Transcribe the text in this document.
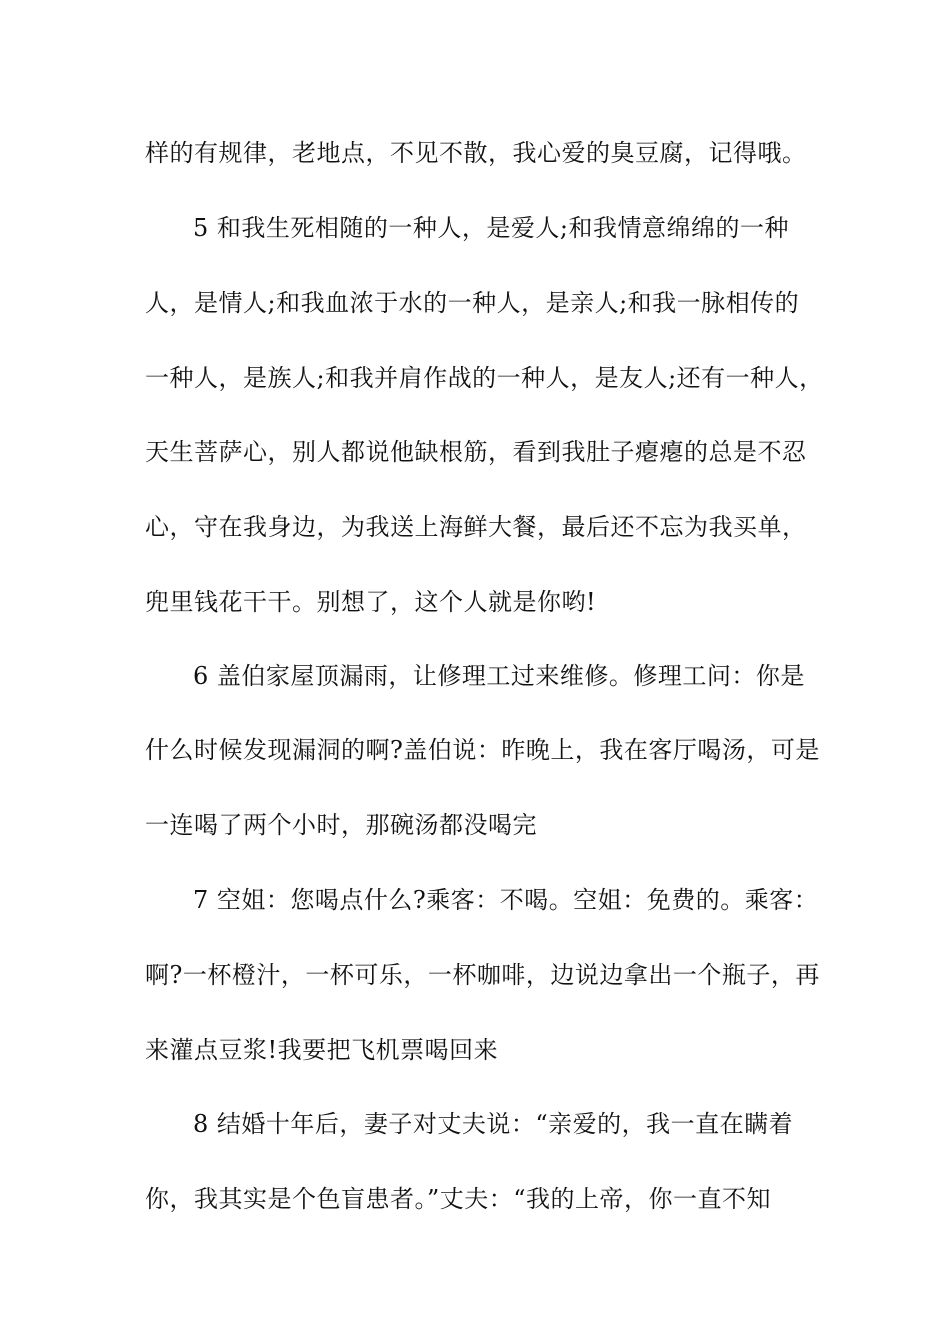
样的有规律，老地点，不见不散，我心爱的臭豆腐，记得哦。
5 和我生死相随的一种人，是爱人;和我情意绵绵的一种
人，是情人;和我血浓于水的一种人，是亲人;和我一脉相传的
一种人，是族人;和我并肩作战的一种人，是友人;还有一种人，
天生菩萨心，别人都说他缺根筋，看到我肚子瘪瘪的总是不忍
心，守在我身边，为我送上海鲜大餐，最后还不忘为我买单，
兜里钱花干干。别想了，这个人就是你哟!
6 盖伯家屋顶漏雨，让修理工过来维修。修理工问：你是
什么时候发现漏洞的啊?盖伯说：昨晚上，我在客厅喝汤，可是
一连喝了两个小时，那碗汤都没喝完
7 空姐：您喝点什么?乘客：不喝。空姐：免费的。乘客：
啊?一杯橙汁，一杯可乐，一杯咖啡，边说边拿出一个瓶子，再
来灌点豆浆!我要把飞机票喝回来
8 结婚十年后，妻子对丈夫说：“亲爱的，我一直在瞒着
你，我其实是个色盲患者。”丈夫：“我的上帝，你一直不知
